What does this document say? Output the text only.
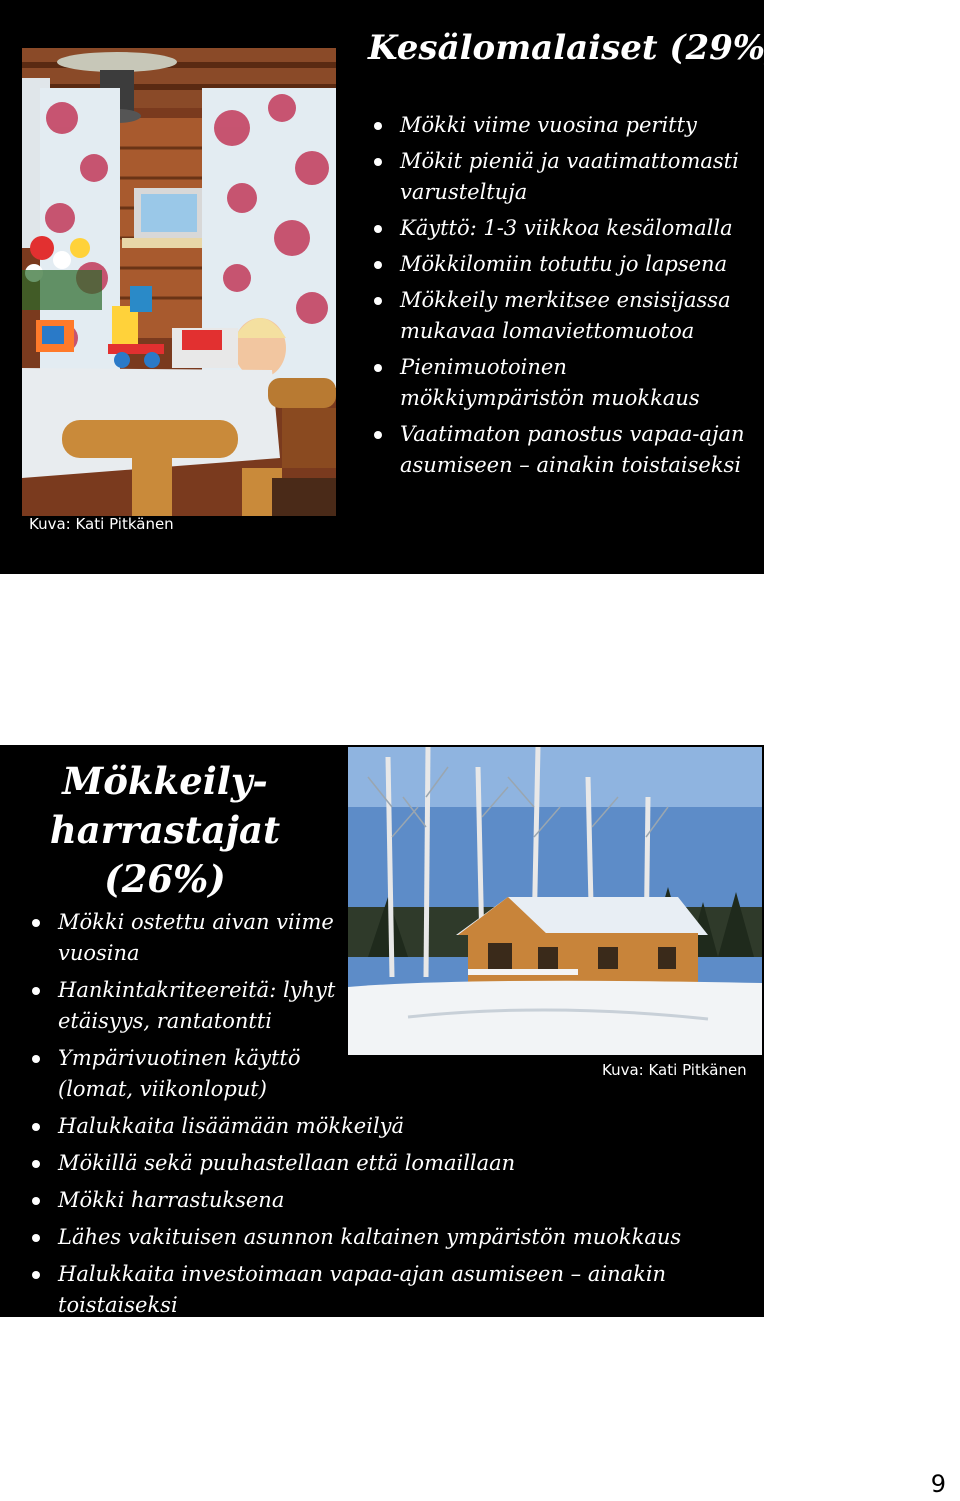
Kuva: Kati Pitkänen
Kesälomalaiset (29%)
Mökki viime vuosina peritty
Mökit pieniä ja vaatimattomasti varusteltuja
Käyttö: 1-3 viikkoa kesälomalla
Mökkilomiin totuttu jo lapsena
Mökkeily merkitsee ensisijassa mukavaa lomaviettomuotoa
Pienimuotoinen mökkiympäristön muokkaus
Vaatimaton panostus vapaa-ajan asumiseen – ainakin toistaiseksi
Mökkeily-harrastajat (26%)
Kuva: Kati Pitkänen
Mökki ostettu aivan viime vuosina
Hankintakriteereitä: lyhyt etäisyys, rantatontti
Ympärivuotinen käyttö (lomat, viikonloput)
Halukkaita lisäämään mökkeilyä
Mökillä sekä puuhastellaan että lomaillaan
Mökki harrastuksena
Lähes vakituisen asunnon kaltainen ympäristön muokkaus
Halukkaita investoimaan vapaa-ajan asumiseen – ainakin toistaiseksi
9
